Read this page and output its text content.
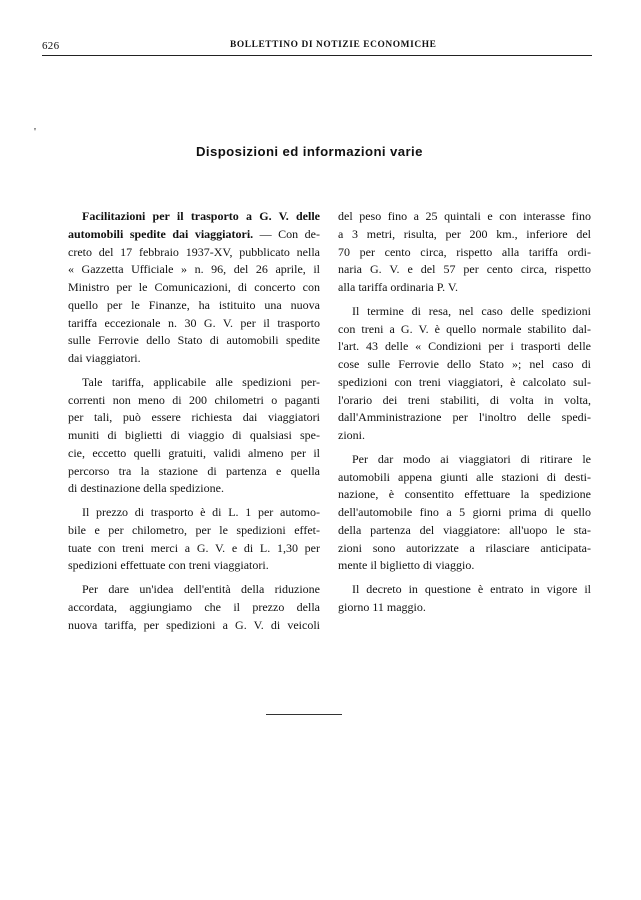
626	BOLLETTINO DI NOTIZIE ECONOMICHE
'
Disposizioni ed informazioni varie
Facilitazioni per il trasporto a G. V. delle
automobili spedite dai viaggiatori. — Con de-
creto del 17 febbraio 1937-XV, pubblicato nella
« Gazzetta Ufficiale » n. 96, del 26 aprile, il
Ministro per le Comunicazioni, di concerto con
quello per le Finanze, ha istituito una nuova
tariffa eccezionale n. 30 G. V. per il trasporto
sulle Ferrovie dello Stato di automobili spedite
dai viaggiatori.
Tale tariffa, applicabile alle spedizioni per-
correnti non meno di 200 chilometri o paganti
per tali, può essere richiesta dai viaggiatori
muniti di biglietti di viaggio di qualsiasi spe-
cie, eccetto quelli gratuiti, validi almeno per il
percorso tra la stazione di partenza e quella
di destinazione della spedizione.
Il prezzo di trasporto è di L. 1 per automo-
bile e per chilometro, per le spedizioni effet-
tuate con treni merci a G. V. e di L. 1,30 per
spedizioni effettuate con treni viaggiatori.
Per dare un'idea dell'entità della riduzione
accordata, aggiungiamo che il prezzo della
nuova tariffa, per spedizioni a G. V. di veicoli
del peso fino a 25 quintali e con interasse fino
a 3 metri, risulta, per 200 km., inferiore del
70 per cento circa, rispetto alla tariffa ordi-
naria G. V. e del 57 per cento circa, rispetto
alla tariffa ordinaria P. V.
Il termine di resa, nel caso delle spedizioni
con treni a G. V. è quello normale stabilito dal-
l'art. 43 delle « Condizioni per i trasporti delle
cose sulle Ferrovie dello Stato »; nel caso di
spedizioni con treni viaggiatori, è calcolato sul-
l'orario dei treni stabiliti, di volta in volta,
dall'Amministrazione per l'inoltro delle spedi-
zioni.
Per dar modo ai viaggiatori di ritirare le
automobili appena giunti alle stazioni di desti-
nazione, è consentito effettuare la spedizione
dell'automobile fino a 5 giorni prima di quello
della partenza del viaggiatore: all'uopo le sta-
zioni sono autorizzate a rilasciare anticipata-
mente il biglietto di viaggio.
Il decreto in questione è entrato in vigore il
giorno 11 maggio.
